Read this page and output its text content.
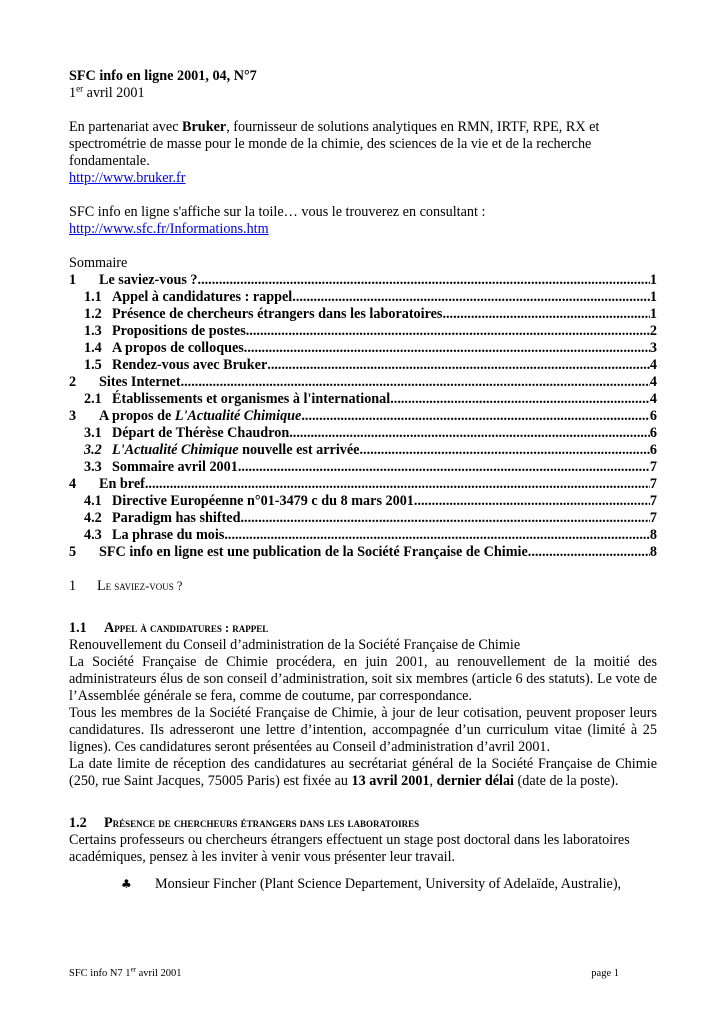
SFC info en ligne 2001, 04, N°7
1er avril 2001

En partenariat avec Bruker, fournisseur de solutions analytiques en RMN, IRTF, RPE, RX et spectrométrie de masse pour le monde de la chimie, des sciences de la vie et de la recherche fondamentale.
http://www.bruker.fr

SFC info en ligne s'affiche sur la toile… vous le trouverez en consultant :
http://www.sfc.fr/Informations.htm

Sommaire

1	Le saviez-vous ? .....	1
1.1 Appel à candidatures : rappel .....	1
1.2 Présence de chercheurs étrangers dans les laboratoires .....	1
1.3 Propositions de postes .....	2
1.4 A propos de colloques .....	3
1.5 Rendez-vous avec Bruker .....	4
2	Sites Internet .....	4
2.1 Établissements et organismes à l'international .....	4
3	A propos de L'Actualité Chimique .....	6
3.1 Départ de Thérèse Chaudron .....	6
3.2 L'Actualité Chimique nouvelle est arrivée .....	6
3.3 Sommaire avril 2001 .....	7
4	En bref .....	7
4.1 Directive Européenne n°01-3479 c du 8 mars 2001 .....	7
4.2 Paradigm has shifted. .....	7
4.3 La phrase du mois .....	8
5	SFC info en ligne est une publication de la Société Française de Chimie .....	8
1	Le saviez-vous ?
1.1	Appel à candidatures : rappel

Renouvellement du Conseil d’administration de la Société Française de Chimie

La Société Française de Chimie procédera, en juin 2001, au renouvellement de la moitié des administrateurs élus de son conseil d’administration, soit six membres (article 6 des statuts). Le vote de l’Assemblée générale se fera, comme de coutume, par correspondance.

Tous les membres de la Société Française de Chimie, à jour de leur cotisation, peuvent proposer leurs candidatures. Ils adresseront une lettre d’intention, accompagnée d’un curriculum vitae (limité à 25 lignes). Ces candidatures seront présentées au Conseil d’administration d’avril 2001.

La date limite de réception des candidatures au secrétariat général de la Société Française de Chimie (250, rue Saint Jacques, 75005 Paris) est fixée au 13 avril 2001, dernier délai (date de la poste).

1.2	Présence de chercheurs étrangers dans les laboratoires

Certains professeurs ou chercheurs étrangers effectuent un stage post doctoral dans les laboratoires académiques, pensez à les inviter à venir vous présenter leur travail.

♣	Monsieur Fincher (Plant Science Departement, University of Adelaïde, Australie),
SFC info N7 1er avril 2001	page 1
